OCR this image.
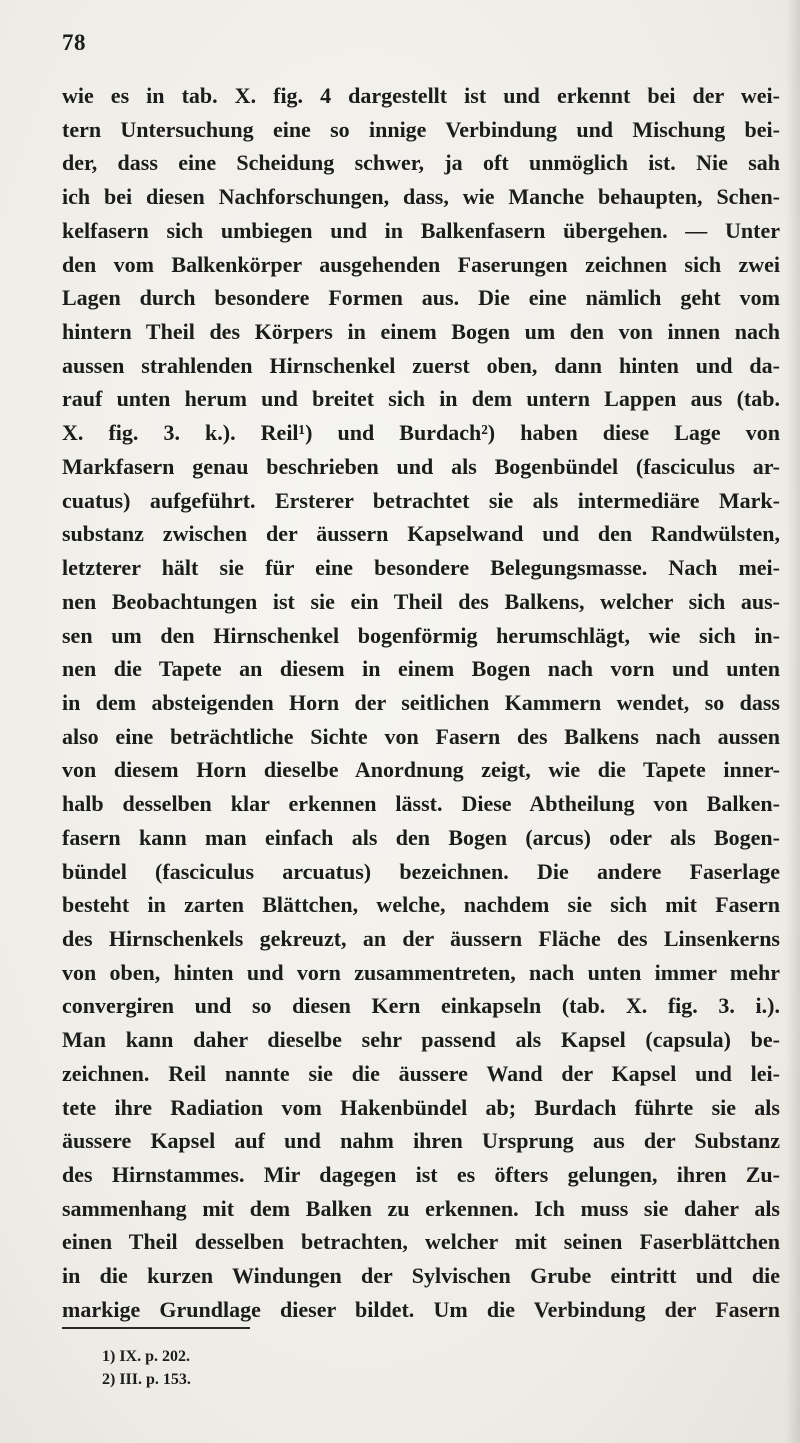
78
wie es in tab. X. fig. 4 dargestellt ist und erkennt bei der wei-
tern Untersuchung eine so innige Verbindung und Mischung bei-
der, dass eine Scheidung schwer, ja oft unmöglich ist. Nie sah
ich bei diesen Nachforschungen, dass, wie Manche behaupten, Schen-
kelfasern sich umbiegen und in Balkenfasern übergehen. — Unter
den vom Balkenkörper ausgehenden Faserungen zeichnen sich zwei
Lagen durch besondere Formen aus. Die eine nämlich geht vom
hintern Theil des Körpers in einem Bogen um den von innen nach
aussen strahlenden Hirnschenkel zuerst oben, dann hinten und da-
rauf unten herum und breitet sich in dem untern Lappen aus (tab.
X. fig. 3. k.). Reil¹) und Burdach²) haben diese Lage von
Markfasern genau beschrieben und als Bogenbündel (fasciculus ar-
cuatus) aufgeführt. Ersterer betrachtet sie als intermediäre Mark-
substanz zwischen der äussern Kapselwand und den Randwülsten,
letzterer hält sie für eine besondere Belegungsmasse. Nach mei-
nen Beobachtungen ist sie ein Theil des Balkens, welcher sich aus-
sen um den Hirnschenkel bogenförmig herumschlägt, wie sich in-
nen die Tapete an diesem in einem Bogen nach vorn und unten
in dem absteigenden Horn der seitlichen Kammern wendet, so dass
also eine beträchtliche Sichte von Fasern des Balkens nach aussen
von diesem Horn dieselbe Anordnung zeigt, wie die Tapete inner-
halb desselben klar erkennen lässt. Diese Abtheilung von Balken-
fasern kann man einfach als den Bogen (arcus) oder als Bogen-
bündel (fasciculus arcuatus) bezeichnen. Die andere Faserlage
besteht in zarten Blättchen, welche, nachdem sie sich mit Fasern
des Hirnschenkels gekreuzt, an der äussern Fläche des Linsenkerns
von oben, hinten und vorn zusammentreten, nach unten immer mehr
convergiren und so diesen Kern einkapseln (tab. X. fig. 3. i.).
Man kann daher dieselbe sehr passend als Kapsel (capsula) be-
zeichnen. Reil nannte sie die äussere Wand der Kapsel und lei-
tete ihre Radiation vom Hakenbündel ab; Burdach führte sie als
äussere Kapsel auf und nahm ihren Ursprung aus der Substanz
des Hirnstammes. Mir dagegen ist es öfters gelungen, ihren Zu-
sammenhang mit dem Balken zu erkennen. Ich muss sie daher als
einen Theil desselben betrachten, welcher mit seinen Faserblättchen
in die kurzen Windungen der Sylvischen Grube eintritt und die
markige Grundlage dieser bildet. Um die Verbindung der Fasern
1) IX. p. 202.
2) III. p. 153.
